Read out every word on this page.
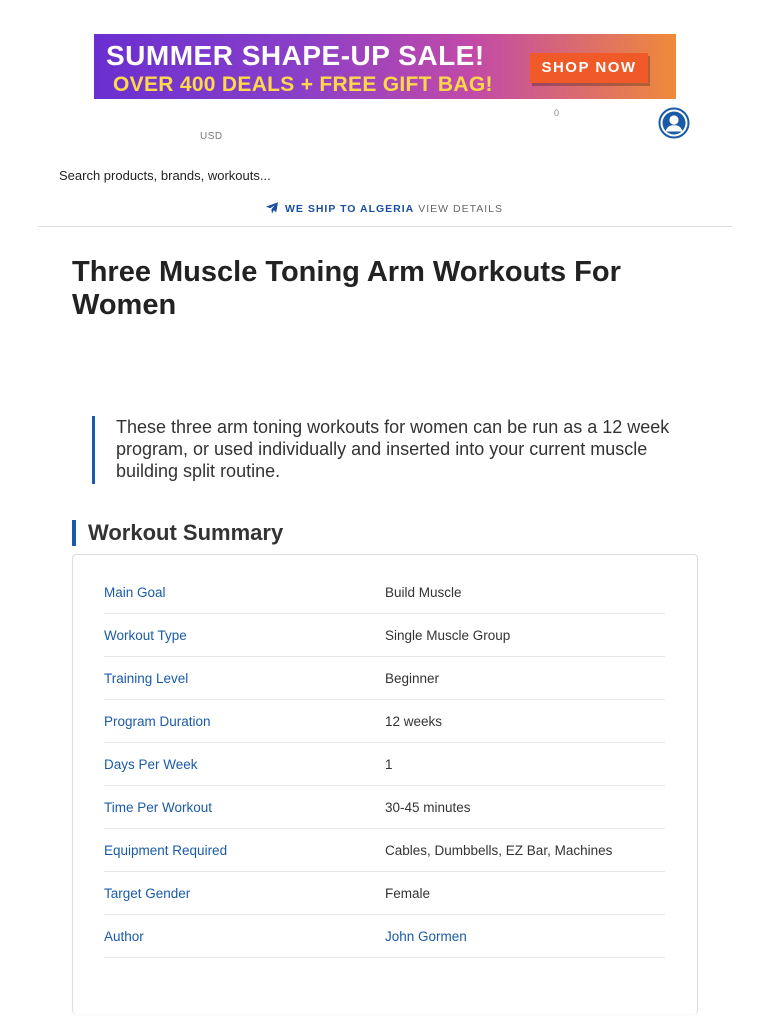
SUMMER SHAPE-UP SALE!
OVER 400 DEALS + FREE GIFT BAG!
SHOP NOW
USD
0
Search products, brands, workouts...
WE SHIP TO ALGERIA VIEW DETAILS
Three Muscle Toning Arm Workouts For Women
These three arm toning workouts for women can be run as a 12 week program, or used individually and inserted into your current muscle building split routine.
Workout Summary
Main Goal	Build Muscle
Workout Type	Single Muscle Group
Training Level	Beginner
Program Duration	12 weeks
Days Per Week	1
Time Per Workout	30-45 minutes
Equipment Required	Cables, Dumbbells, EZ Bar, Machines
Target Gender	Female
Author	John Gormen
